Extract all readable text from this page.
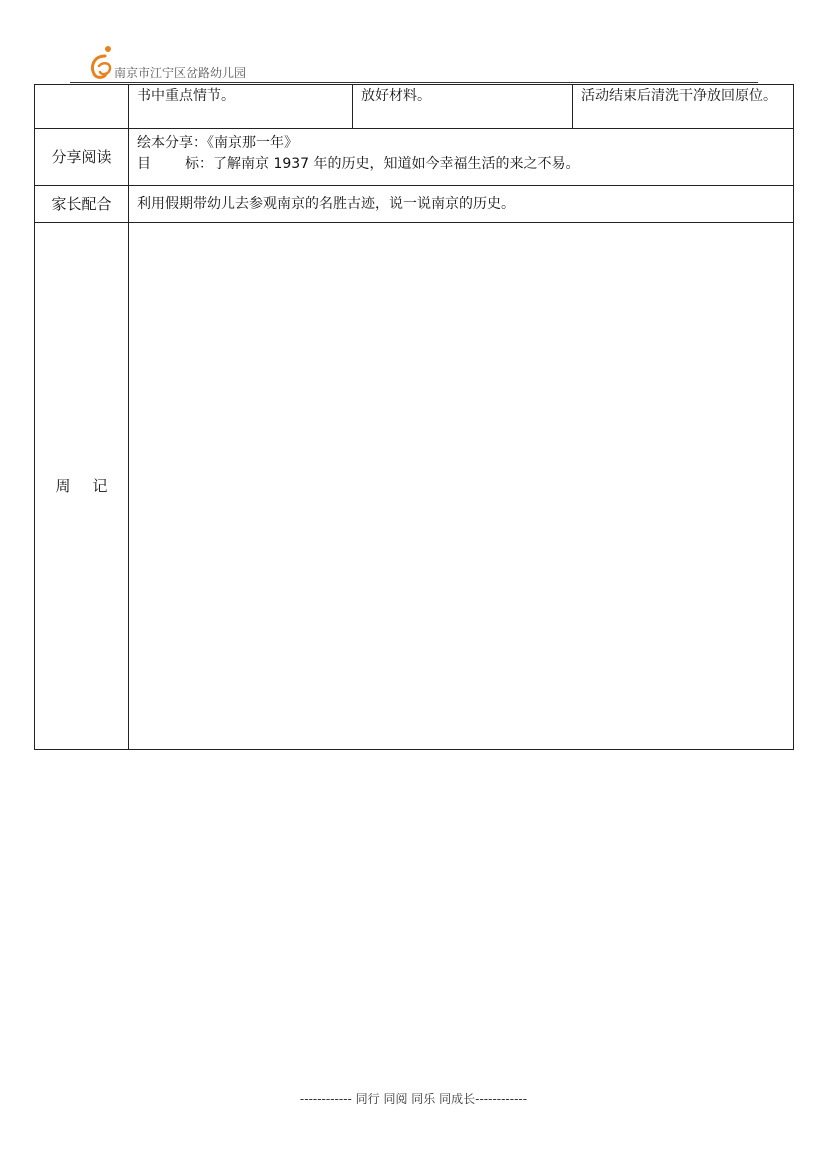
南京市江宁区岔路幼儿园

	书中重点情节。	放好材料。	活动结束后清洗干净放回原位。

分享阅读	绘本分享：《南京那一年》
目 标：了解南京 1937 年的历史，知道如今幸福生活的来之不易。		

家长配合	利用假期带幼儿去参观南京的名胜古迹，说一说南京的历史。		

周 记			
------------ 同行 同阅 同乐 同成长------------
